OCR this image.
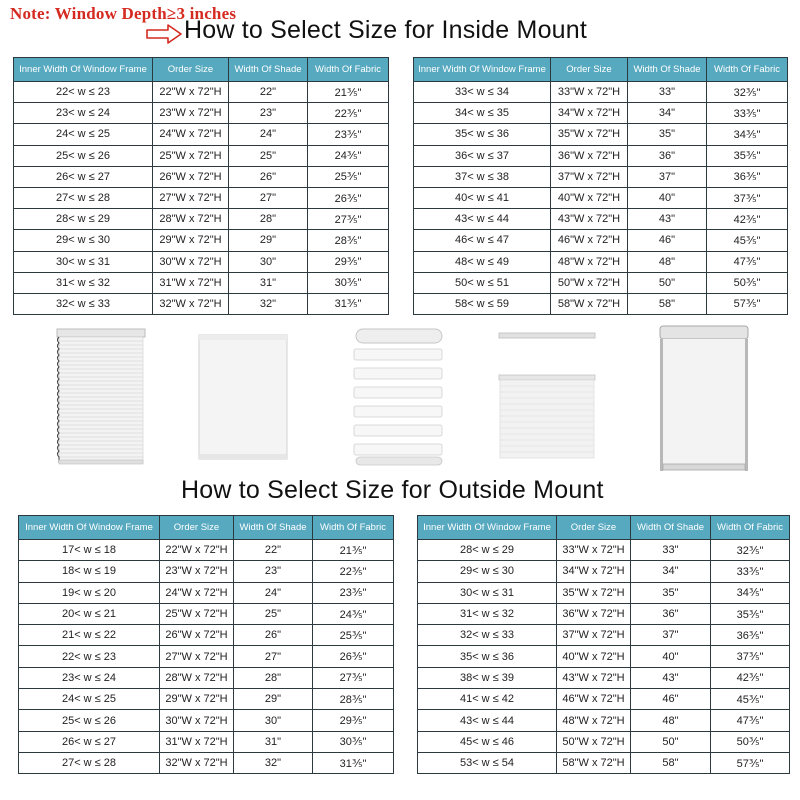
Note: Window Depth≥3 inches
How to Select Size for Inside Mount
Inner Width Of Window Frame	Order Size	Width Of Shade	Width Of Fabric
22< w ≤ 23	22"W x 72"H	22"	21⅗"
23< w ≤ 24	23"W x 72"H	23"	22⅗"
24< w ≤ 25	24"W x 72"H	24"	23⅗"
25< w ≤ 26	25"W x 72"H	25"	24⅗"
26< w ≤ 27	26"W x 72"H	26"	25⅗"
27< w ≤ 28	27"W x 72"H	27"	26⅗"
28< w ≤ 29	28"W x 72"H	28"	27⅗"
29< w ≤ 30	29"W x 72"H	29"	28⅗"
30< w ≤ 31	30"W x 72"H	30"	29⅗"
31< w ≤ 32	31"W x 72"H	31"	30⅗"
32< w ≤ 33	32"W x 72"H	32"	31⅗"
Inner Width Of Window Frame	Order Size	Width Of Shade	Width Of Fabric
33< w ≤ 34	33"W x 72"H	33"	32⅗"
34< w ≤ 35	34"W x 72"H	34"	33⅗"
35< w ≤ 36	35"W x 72"H	35"	34⅗"
36< w ≤ 37	36"W x 72"H	36"	35⅗"
37< w ≤ 38	37"W x 72"H	37"	36⅗"
40< w ≤ 41	40"W x 72"H	40"	37⅗"
43< w ≤ 44	43"W x 72"H	43"	42⅗"
46< w ≤ 47	46"W x 72"H	46"	45⅗"
48< w ≤ 49	48"W x 72"H	48"	47⅗"
50< w ≤ 51	50"W x 72"H	50"	50⅗"
58< w ≤ 59	58"W x 72"H	58"	57⅗"
How to Select Size for Outside Mount
Inner Width Of Window Frame	Order Size	Width Of Shade	Width Of Fabric
17< w ≤ 18	22"W x 72"H	22"	21⅗"
18< w ≤ 19	23"W x 72"H	23"	22⅗"
19< w ≤ 20	24"W x 72"H	24"	23⅗"
20< w ≤ 21	25"W x 72"H	25"	24⅗"
21< w ≤ 22	26"W x 72"H	26"	25⅗"
22< w ≤ 23	27"W x 72"H	27"	26⅗"
23< w ≤ 24	28"W x 72"H	28"	27⅗"
24< w ≤ 25	29"W x 72"H	29"	28⅗"
25< w ≤ 26	30"W x 72"H	30"	29⅗"
26< w ≤ 27	31"W x 72"H	31"	30⅗"
27< w ≤ 28	32"W x 72"H	32"	31⅗"
Inner Width Of Window Frame	Order Size	Width Of Shade	Width Of Fabric
28< w ≤ 29	33"W x 72"H	33"	32⅗"
29< w ≤ 30	34"W x 72"H	34"	33⅗"
30< w ≤ 31	35"W x 72"H	35"	34⅗"
31< w ≤ 32	36"W x 72"H	36"	35⅗"
32< w ≤ 33	37"W x 72"H	37"	36⅗"
35< w ≤ 36	40"W x 72"H	40"	37⅗"
38< w ≤ 39	43"W x 72"H	43"	42⅗"
41< w ≤ 42	46"W x 72"H	46"	45⅗"
43< w ≤ 44	48"W x 72"H	48"	47⅗"
45< w ≤ 46	50"W x 72"H	50"	50⅗"
53< w ≤ 54	58"W x 72"H	58"	57⅗"
